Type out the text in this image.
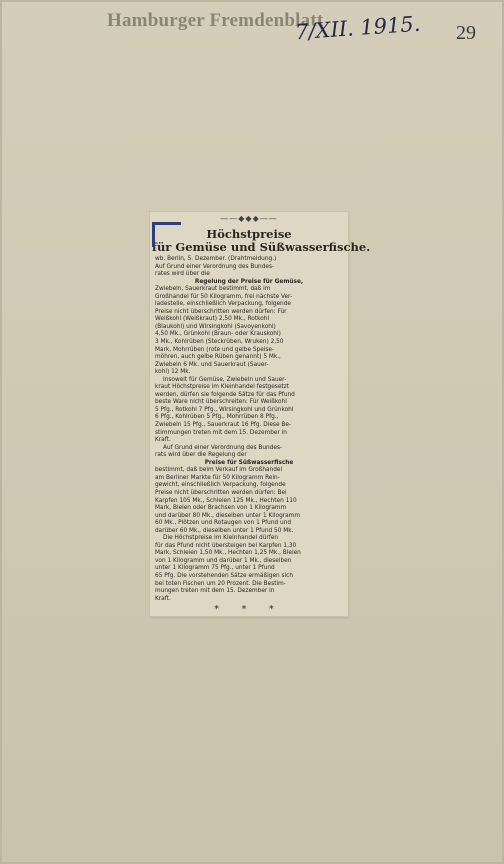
Hamburger Fremdenblatt
7/XII. 1915. 29
——◆◆◆——
Höchstpreise
für Gemüse und Süßwasserfische.
wb. Berlin, 5. Dezember. (Drahtmeldung.)
Auf Grund einer Verordnung des Bundes-
rates wird über die
Regelung der Preise für Gemüse,
Zwiebeln, Sauerkraut bestimmt, daß im
Großhandel für 50 Kilogramm, frei nächste Ver-
ladestelle, einschließlich Verpackung, folgende
Preise nicht überschritten werden dürfen: Für
Weißkohl (Weißkraut) 2,50 Mk., Rotkohl
(Blaukohl) und Wirsingkohl (Savoyenkohl)
4,50 Mk., Grünkohl (Braun- oder Krauskohl)
3 Mk., Kohlrüben (Steckrüben, Wruken) 2,50
Mark, Mohrrüben (rote und gelbe Speise-
möhren, auch gelbe Rüben genannt) 5 Mk.,
Zwiebeln 6 Mk. und Sauerkraut (Sauer-
kohl) 12 Mk.
Insoweit für Gemüse, Zwiebeln und Sauer-
kraut Höchstpreise im Kleinhandel festgesetzt
werden, dürfen sie folgende Sätze für das Pfund
beste Ware nicht überschreiten: Für Weißkohl
5 Pfg., Rotkohl 7 Pfg., Wirsingkohl und Grünkohl
6 Pfg., Kohlrüben 5 Pfg., Mohrrüben 8 Pfg.,
Zwiebeln 15 Pfg., Sauerkraut 16 Pfg. Diese Be-
stimmungen treten mit dem 15. Dezember in
Kraft.
Auf Grund einer Verordnung des Bundes-
rats wird über die Regelung der
Preise für Süßwasserfische
bestimmt, daß beim Verkauf im Großhandel
am Berliner Markte für 50 Kilogramm Rein-
gewicht, einschließlich Verpackung, folgende
Preise nicht überschritten werden dürfen: Bei
Karpfen 105 Mk., Schleien 125 Mk., Hechten 110
Mark, Bleien oder Brachsen von 1 Kilogramm
und darüber 80 Mk., dieselben unter 1 Kilogramm
60 Mk., Plötzen und Rotaugen von 1 Pfund und
darüber 60 Mk., dieselben unter 1 Pfund 50 Mk.
Die Höchstpreise im Kleinhandel dürfen
für das Pfund nicht übersteigen bei Karpfen 1,30
Mark, Schleien 1,50 Mk., Hechten 1,25 Mk., Bleien
von 1 Kilogramm und darüber 1 Mk., dieselben
unter 1 Kilogramm 75 Pfg., unter 1 Pfund
65 Pfg. Die vorstehenden Sätze ermäßigen sich
bei toten Fischen um 20 Prozent. Die Bestim-
mungen treten mit dem 15. Dezember in
Kraft.
* * *
